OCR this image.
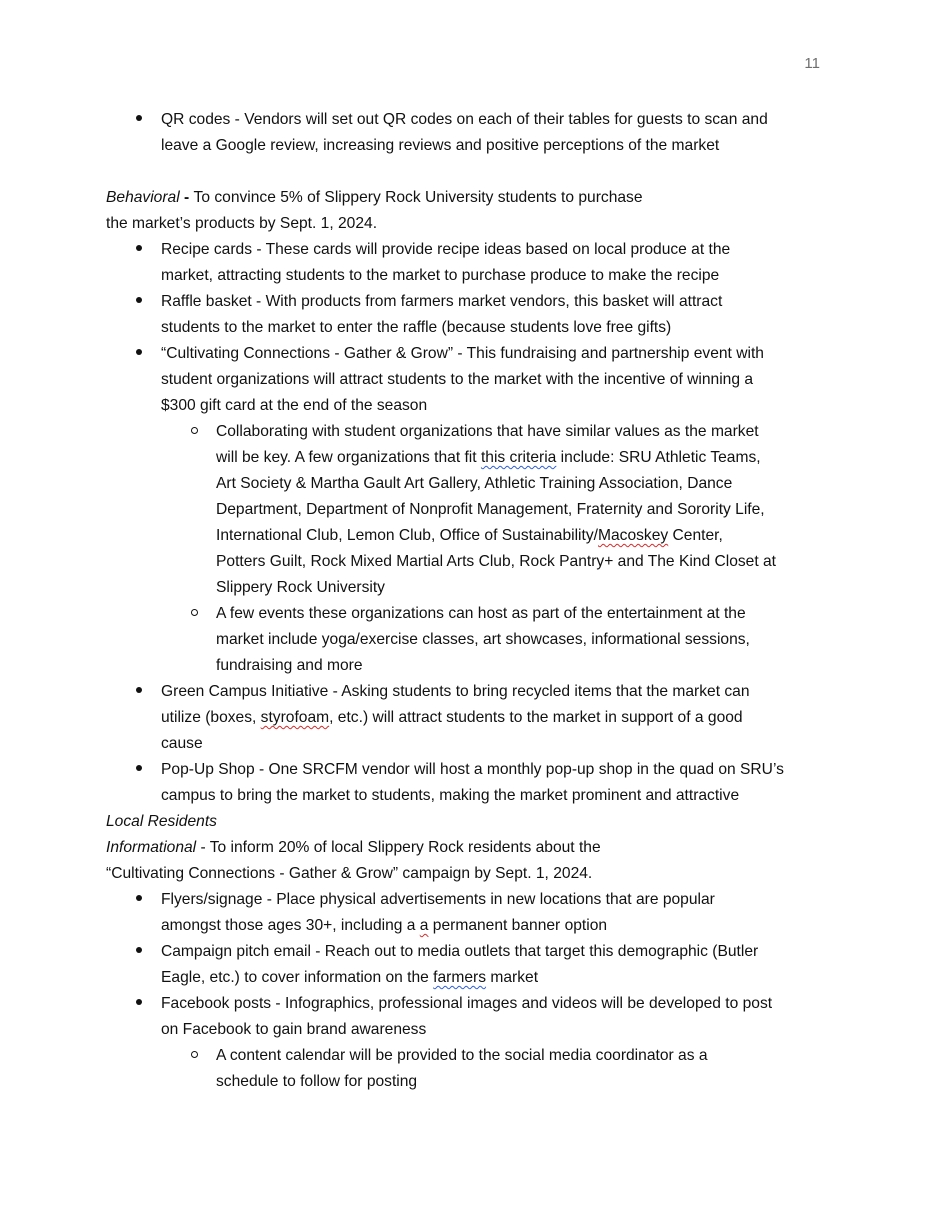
11
QR codes - Vendors will set out QR codes on each of their tables for guests to scan and
leave a Google review, increasing reviews and positive perceptions of the market
Behavioral - To convince 5% of Slippery Rock University students to purchase
the market’s products by Sept. 1, 2024.
Recipe cards - These cards will provide recipe ideas based on local produce at the
market, attracting students to the market to purchase produce to make the recipe
Raffle basket - With products from farmers market vendors, this basket will attract
students to the market to enter the raffle (because students love free gifts)
“Cultivating Connections - Gather & Grow” - This fundraising and partnership event with
student organizations will attract students to the market with the incentive of winning a
$300 gift card at the end of the season
Collaborating with student organizations that have similar values as the market
will be key. A few organizations that fit this criteria include: SRU Athletic Teams,
Art Society & Martha Gault Art Gallery, Athletic Training Association, Dance
Department, Department of Nonprofit Management, Fraternity and Sorority Life,
International Club, Lemon Club, Office of Sustainability/Macoskey Center,
Potters Guilt, Rock Mixed Martial Arts Club, Rock Pantry+ and The Kind Closet at
Slippery Rock University
A few events these organizations can host as part of the entertainment at the
market include yoga/exercise classes, art showcases, informational sessions,
fundraising and more
Green Campus Initiative - Asking students to bring recycled items that the market can
utilize (boxes, styrofoam, etc.) will attract students to the market in support of a good
cause
Pop-Up Shop - One SRCFM vendor will host a monthly pop-up shop in the quad on SRU’s
campus to bring the market to students, making the market prominent and attractive
Local Residents
Informational - To inform 20% of local Slippery Rock residents about the
“Cultivating Connections - Gather & Grow” campaign by Sept. 1, 2024.
Flyers/signage - Place physical advertisements in new locations that are popular
amongst those ages 30+, including a a permanent banner option
Campaign pitch email - Reach out to media outlets that target this demographic (Butler
Eagle, etc.) to cover information on the farmers market
Facebook posts - Infographics, professional images and videos will be developed to post
on Facebook to gain brand awareness
A content calendar will be provided to the social media coordinator as a
schedule to follow for posting
